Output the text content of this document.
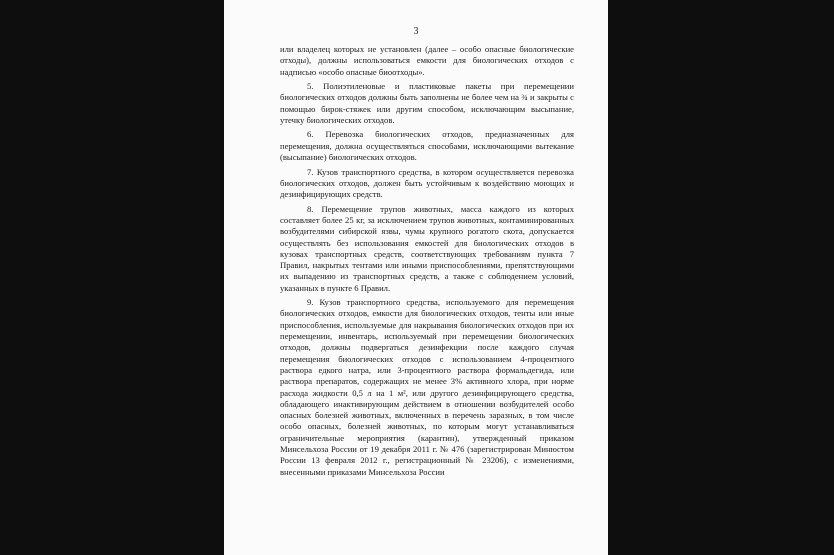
3

или владелец которых не установлен (далее – особо опасные биологические отходы), должны использоваться емкости для биологических отходов с надписью «особо опасные биоотходы».

5. Полиэтиленовые и пластиковые пакеты при перемещении биологических отходов должны быть заполнены не более чем на ¾ и закрыты с помощью бирок-стяжек или другим способом, исключающим высыпание, утечку биологических отходов.

6. Перевозка биологических отходов, предназначенных для перемещения, должна осуществляться способами, исключающими вытекание (высыпание) биологических отходов.

7. Кузов транспортного средства, в котором осуществляется перевозка биологических отходов, должен быть устойчивым к воздействию моющих и дезинфицирующих средств.

8. Перемещение трупов животных, масса каждого из которых составляет более 25 кг, за исключением трупов животных, контаминированных возбудителями сибирской язвы, чумы крупного рогатого скота, допускается осуществлять без использования емкостей для биологических отходов в кузовах транспортных средств, соответствующих требованиям пункта 7 Правил, накрытых тентами или иными приспособлениями, препятствующими их выпадению из транспортных средств, а также с соблюдением условий, указанных в пункте 6 Правил.

9. Кузов транспортного средства, используемого для перемещения биологических отходов, емкости для биологических отходов, тенты или иные приспособления, используемые для накрывания биологических отходов при их перемещении, инвентарь, используемый при перемещении биологических отходов, должны подвергаться дезинфекции после каждого случая перемещения биологических отходов с использованием 4-процентного раствора едкого натра, или 3-процентного раствора формальдегида, или раствора препаратов, содержащих не менее 3% активного хлора, при норме расхода жидкости 0,5 л на 1 м², или другого дезинфицирующего средства, обладающего инактивирующим действием в отношении возбудителей особо опасных болезней животных, включенных в перечень заразных, в том числе особо опасных, болезней животных, по которым могут устанавливаться ограничительные мероприятия (карантин), утвержденный приказом Минсельхоза России от 19 декабря 2011 г. № 476 (зарегистрирован Минюстом России 13 февраля 2012 г., регистрационный № 23206), с изменениями, внесенными приказами Минсельхоза России
